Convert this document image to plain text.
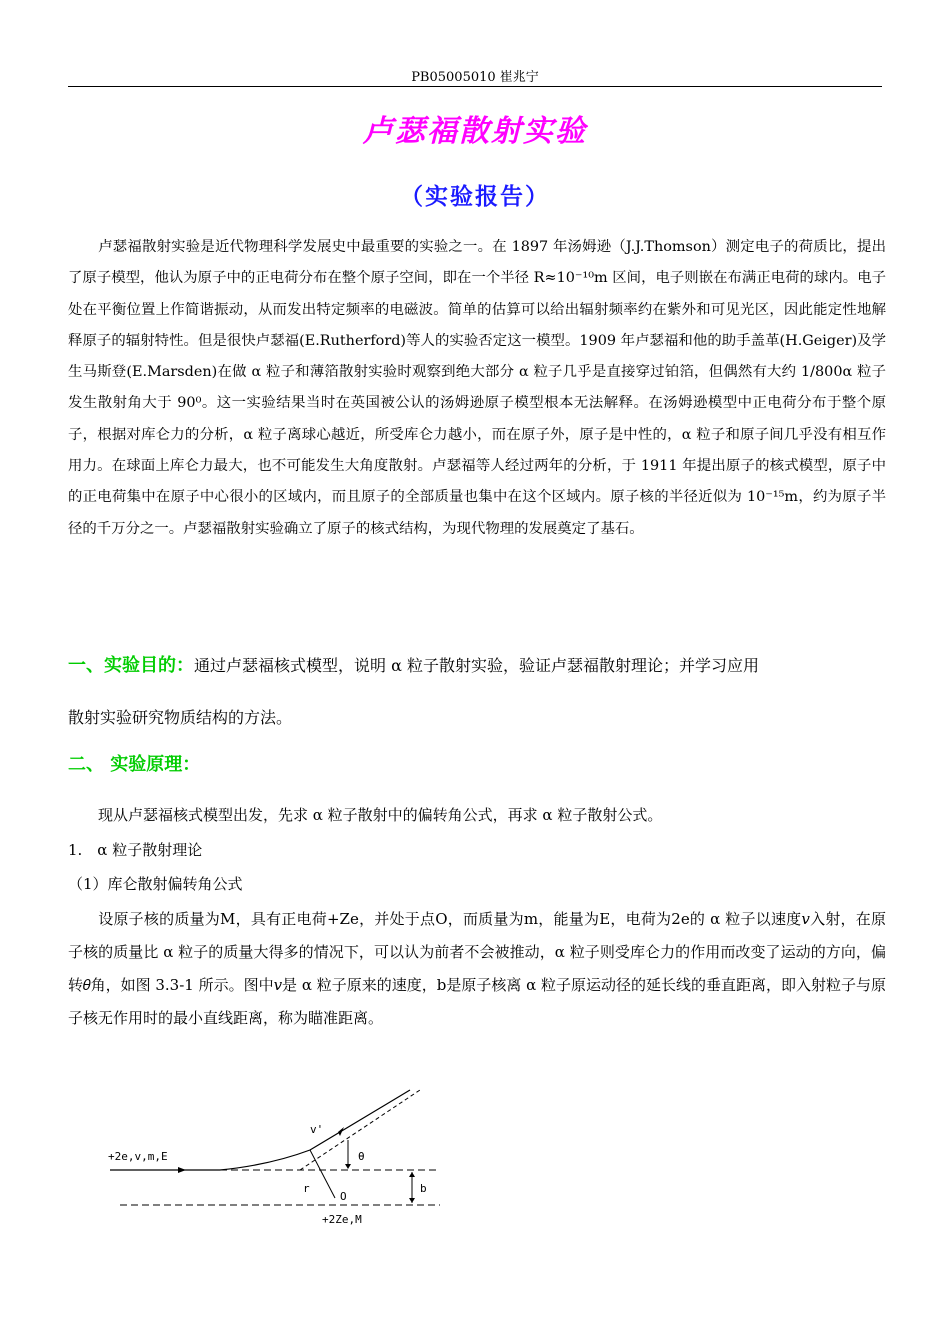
PB05005010 崔兆宁
卢瑟福散射实验
（实验报告）
卢瑟福散射实验是近代物理科学发展史中最重要的实验之一。在 1897 年汤姆逊（J.J.Thomson）测定电子的荷质比，提出了原子模型，他认为原子中的正电荷分布在整个原子空间，即在一个半径 R≈10⁻¹⁰m 区间，电子则嵌在布满正电荷的球内。电子处在平衡位置上作简谐振动，从而发出特定频率的电磁波。简单的估算可以给出辐射频率约在紫外和可见光区，因此能定性地解释原子的辐射特性。但是很快卢瑟福(E.Rutherford)等人的实验否定这一模型。1909 年卢瑟福和他的助手盖革(H.Geiger)及学生马斯登(E.Marsden)在做 α 粒子和薄箔散射实验时观察到绝大部分 α 粒子几乎是直接穿过铂箔，但偶然有大约 1/800α 粒子发生散射角大于 90⁰。这一实验结果当时在英国被公认的汤姆逊原子模型根本无法解释。在汤姆逊模型中正电荷分布于整个原子，根据对库仑力的分析，α 粒子离球心越近，所受库仑力越小，而在原子外，原子是中性的，α 粒子和原子间几乎没有相互作用力。在球面上库仑力最大，也不可能发生大角度散射。卢瑟福等人经过两年的分析，于 1911 年提出原子的核式模型，原子中的正电荷集中在原子中心很小的区域内，而且原子的全部质量也集中在这个区域内。原子核的半径近似为 10⁻¹⁵m，约为原子半径的千万分之一。卢瑟福散射实验确立了原子的核式结构，为现代物理的发展奠定了基石。
一、实验目的：通过卢瑟福核式模型，说明 α 粒子散射实验，验证卢瑟福散射理论；并学习应用
散射实验研究物质结构的方法。
二、 实验原理：
现从卢瑟福核式模型出发，先求 α 粒子散射中的偏转角公式，再求 α 粒子散射公式。
1.　α 粒子散射理论
（1）库仑散射偏转角公式
设原子核的质量为M，具有正电荷+Ze，并处于点O，而质量为m，能量为E，电荷为2e的 α 粒子以速度𝑣入射，在原子核的质量比 α 粒子的质量大得多的情况下，可以认为前者不会被推动，α 粒子则受库仑力的作用而改变了运动的方向，偏转𝜃角，如图 3.3-1 所示。图中𝑣是 α 粒子原来的速度，b是原子核离 α 粒子原运动径的延长线的垂直距离，即入射粒子与原子核无作用时的最小直线距离，称为瞄准距离。
+2e,v,m,E
v'
θ
r
O
b
+2Ze,M
